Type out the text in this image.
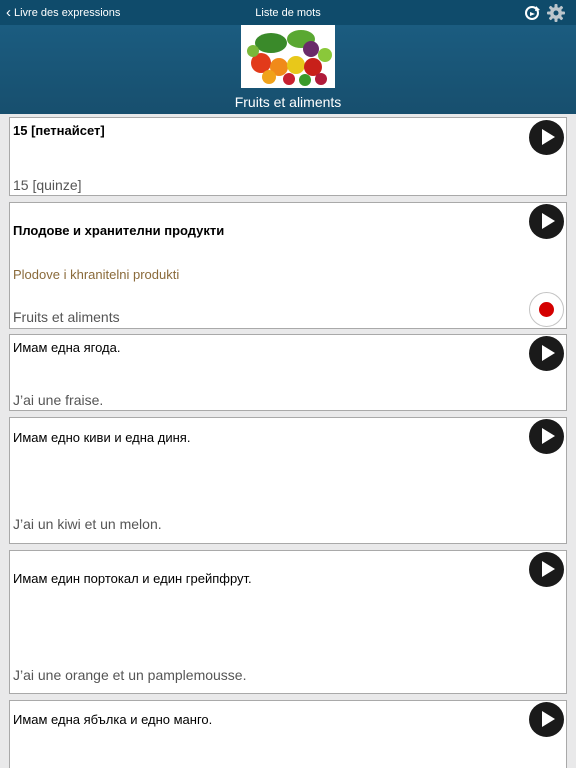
‹ Livre des expressions	Liste de mots
Fruits et aliments
15 [петнайсет]
15 [quinze]
Плодове и хранителни продукти
Plodove i khranitelni produkti
Fruits et aliments
Имам една ягода.
J’ai une fraise.
Имам едно киви и една диня.
J’ai un kiwi et un melon.
Имам един портокал и един грейпфрут.
J’ai une orange et un pamplemousse.
Имам една ябълка и едно манго.
